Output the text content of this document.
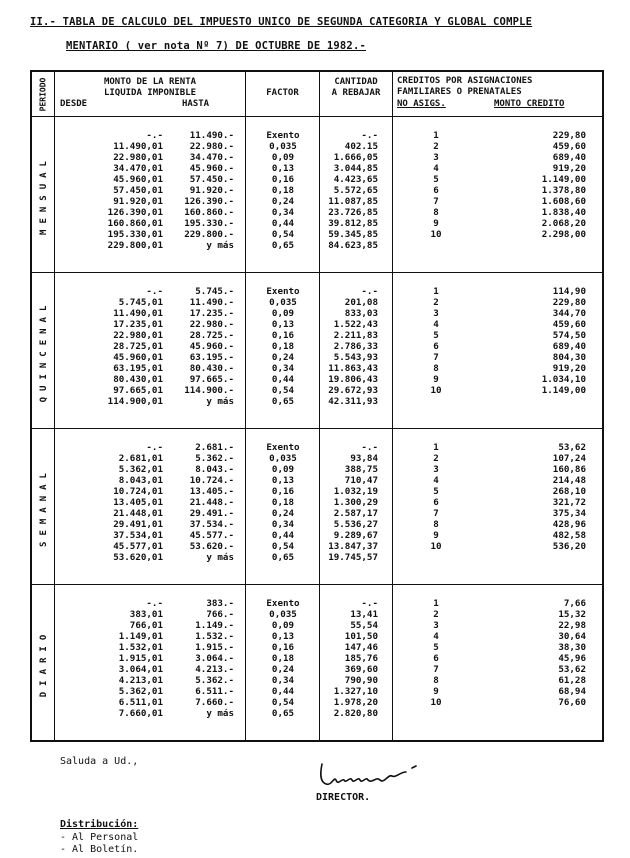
II.- TABLA DE CALCULO DEL IMPUESTO UNICO DE SEGUNDA CATEGORIA Y GLOBAL COMPLE
MENTARIO ( ver nota Nº 7) DE OCTUBRE DE 1982.-
PERIODO	MONTO DE LA RENTA
LIQUIDA IMPONIBLE
DESDE	HASTA
FACTOR
CANTIDAD
A REBAJAR
CREDITOS POR ASIGNACIONES
FAMILIARES O PRENATALES
NO ASIGS.	MONTO CREDITO
MENSUAL
-.-	11.490.-	Exento	-.-	1	229,80
11.490,01	22.980.-	0,035	402.15	2	459,60
22.980,01	34.470.-	0,09	1.666,05	3	689,40
34.470,01	45.960.-	0,13	3.044,85	4	919,20
45.960,01	57.450.-	0,16	4.423,65	5	1.149,00
57.450,01	91.920.-	0,18	5.572,65	6	1.378,80
91.920,01 126.390.-	0,24	11.087,85	7	1.608,60
126.390,01 160.860.-	0,34	23.726,85	8	1.838,40
160.860,01 195.330.-	0,44	39.812,85	9	2.068,20
195.330,01 229.800.-	0,54	59.345,85	10	2.298,00
229.800,01	y más	0,65	84.623,85
QUINCENAL
-.-	5.745.-	Exento	-.-	1	114,90
5.745,01	11.490.-	0,035	201,08	2	229,80
11.490,01	17.235.-	0,09	833,03	3	344,70
17.235,01	22.980.-	0,13	1.522,43	4	459,60
22.980,01	28.725.-	0,16	2.211,83	5	574,50
28.725,01	45.960.-	0,18	2.786,33	6	689,40
45.960,01	63.195.-	0,24	5.543,93	7	804,30
63.195,01	80.430.-	0,34	11.863,43	8	919,20
80.430,01	97.665.-	0,44	19.806,43	9	1.034,10
97.665,01 114.900.-	0,54	29.672,93	10	1.149,00
114.900,01	y más	0,65	42.311,93
SEMANAL
-.-	2.681.-	Exento	-.-	1	53,62
2.681,01	5.362.-	0,035	93,84	2	107,24
5.362,01	8.043.-	0,09	388,75	3	160,86
8.043,01	10.724.-	0,13	710,47	4	214,48
10.724,01	13.405.-	0,16	1.032,19	5	268,10
13.405,01	21.448.-	0,18	1.300,29	6	321,72
21.448,01	29.491.-	0,24	2.587,17	7	375,34
29.491,01	37.534.-	0,34	5.536,27	8	428,96
37.534,01	45.577.-	0,44	9.289,67	9	482,58
45.577,01	53.620.-	0,54	13.847,37	10	536,20
53.620,01	y más	0,65	19.745,57
DIARIO
-.-	383.-	Exento	-.-	1	7,66
383,01	766.-	0,035	13,41	2	15,32
766,01	1.149.-	0,09	55,54	3	22,98
1.149,01	1.532.-	0,13	101,50	4	30,64
1.532,01	1.915.-	0,16	147,46	5	38,30
1.915,01	3.064.-	0,18	185,76	6	45,96
3.064,01	4.213.-	0,24	369,60	7	53,62
4.213,01	5.362.-	0,34	790,90	8	61,28
5.362,01	6.511.-	0,44	1.327,10	9	68,94
6.511,01	7.660.-	0,54	1.978,20	10	76,60
7.660,01	y más	0,65	2.820,80
Saluda a Ud.,
DIRECTOR.
Distribución:
- Al Personal
- Al Boletín.
